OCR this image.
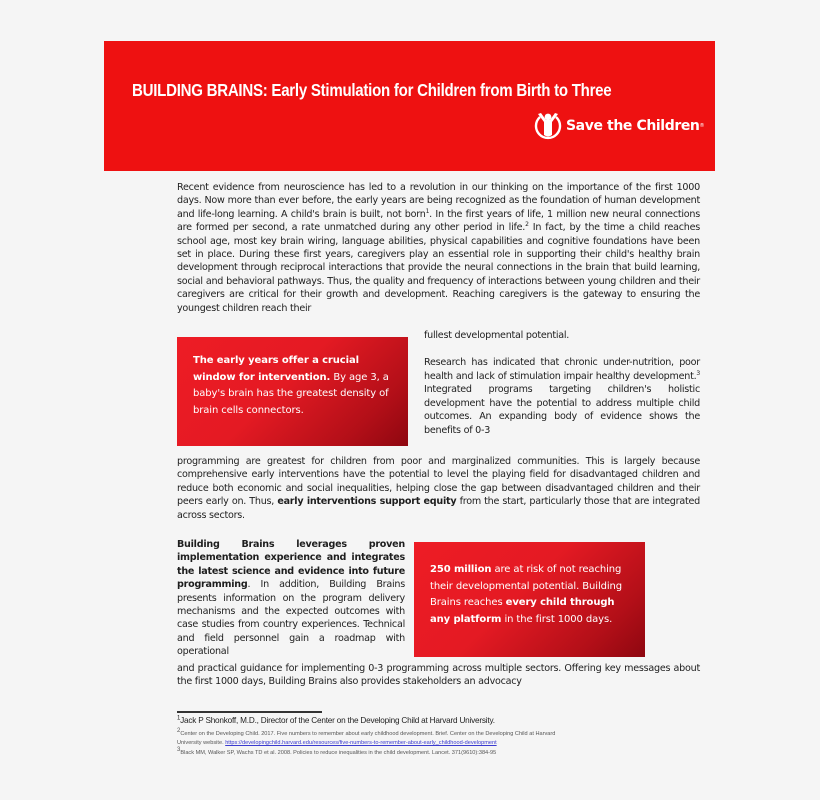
BUILDING BRAINS: Early Stimulation for Children from Birth to Three
Save the Children ®
Recent evidence from neuroscience has led to a revolution in our thinking on the importance of the first 1000 days. Now more than ever before, the early years are being recognized as the foundation of human development and life-long learning. A child's brain is built, not born$^1$. In the first years of life, 1 million new neural connections are formed per second, a rate unmatched during any other period in life.$^2$ In fact, by the time a child reaches school age, most key brain wiring, language abilities, physical capabilities and cognitive foundations have been set in place. During these first years, caregivers play an essential role in supporting their child's healthy brain development through reciprocal interactions that provide the neural connections in the brain that build learning, social and behavioral pathways. Thus, the quality and frequency of interactions between young children and their caregivers are critical for their growth and development. Reaching caregivers is the gateway to ensuring the youngest children reach their
fullest developmental potential.
The early years offer a crucial window for intervention. By age 3, a baby's brain has the greatest density of brain cells connectors.
Research has indicated that chronic under-nutrition, poor health and lack of stimulation impair healthy development.$^3$ Integrated programs targeting children's holistic development have the potential to address multiple child outcomes. An expanding body of evidence shows the benefits of 0-3
programming are greatest for children from poor and marginalized communities. This is largely because comprehensive early interventions have the potential to level the playing field for disadvantaged children and reduce both economic and social inequalities, helping close the gap between disadvantaged children and their peers early on. Thus, early interventions support equity from the start, particularly those that are integrated across sectors.
Building Brains leverages proven implementation experience and integrates the latest science and evidence into future programming. In addition, Building Brains presents information on the program delivery mechanisms and the expected outcomes with case studies from country experiences. Technical and field personnel gain a roadmap with operational
and practical guidance for implementing 0-3 programming across multiple sectors. Offering key messages about the first 1000 days, Building Brains also provides stakeholders an advocacy
250 million are at risk of not reaching their developmental potential. Building Brains reaches every child through any platform in the first 1000 days.
$^1$Jack P Shonkoff, M.D., Director of the Center on the Developing Child at Harvard University.
$^2$Center on the Developing Child. 2017. Five numbers to remember about early childhood development. Brief. Center on the Developing Child at Harvard
University website. https://developingchild.harvard.edu/resources/five-numbers-to-remember-about-early_childhood-development
$^3$Black MM, Walker SP, Wachs TD et al. 2008. Policies to reduce inequalities in the child development. Lancet. 371(9610):384-95
